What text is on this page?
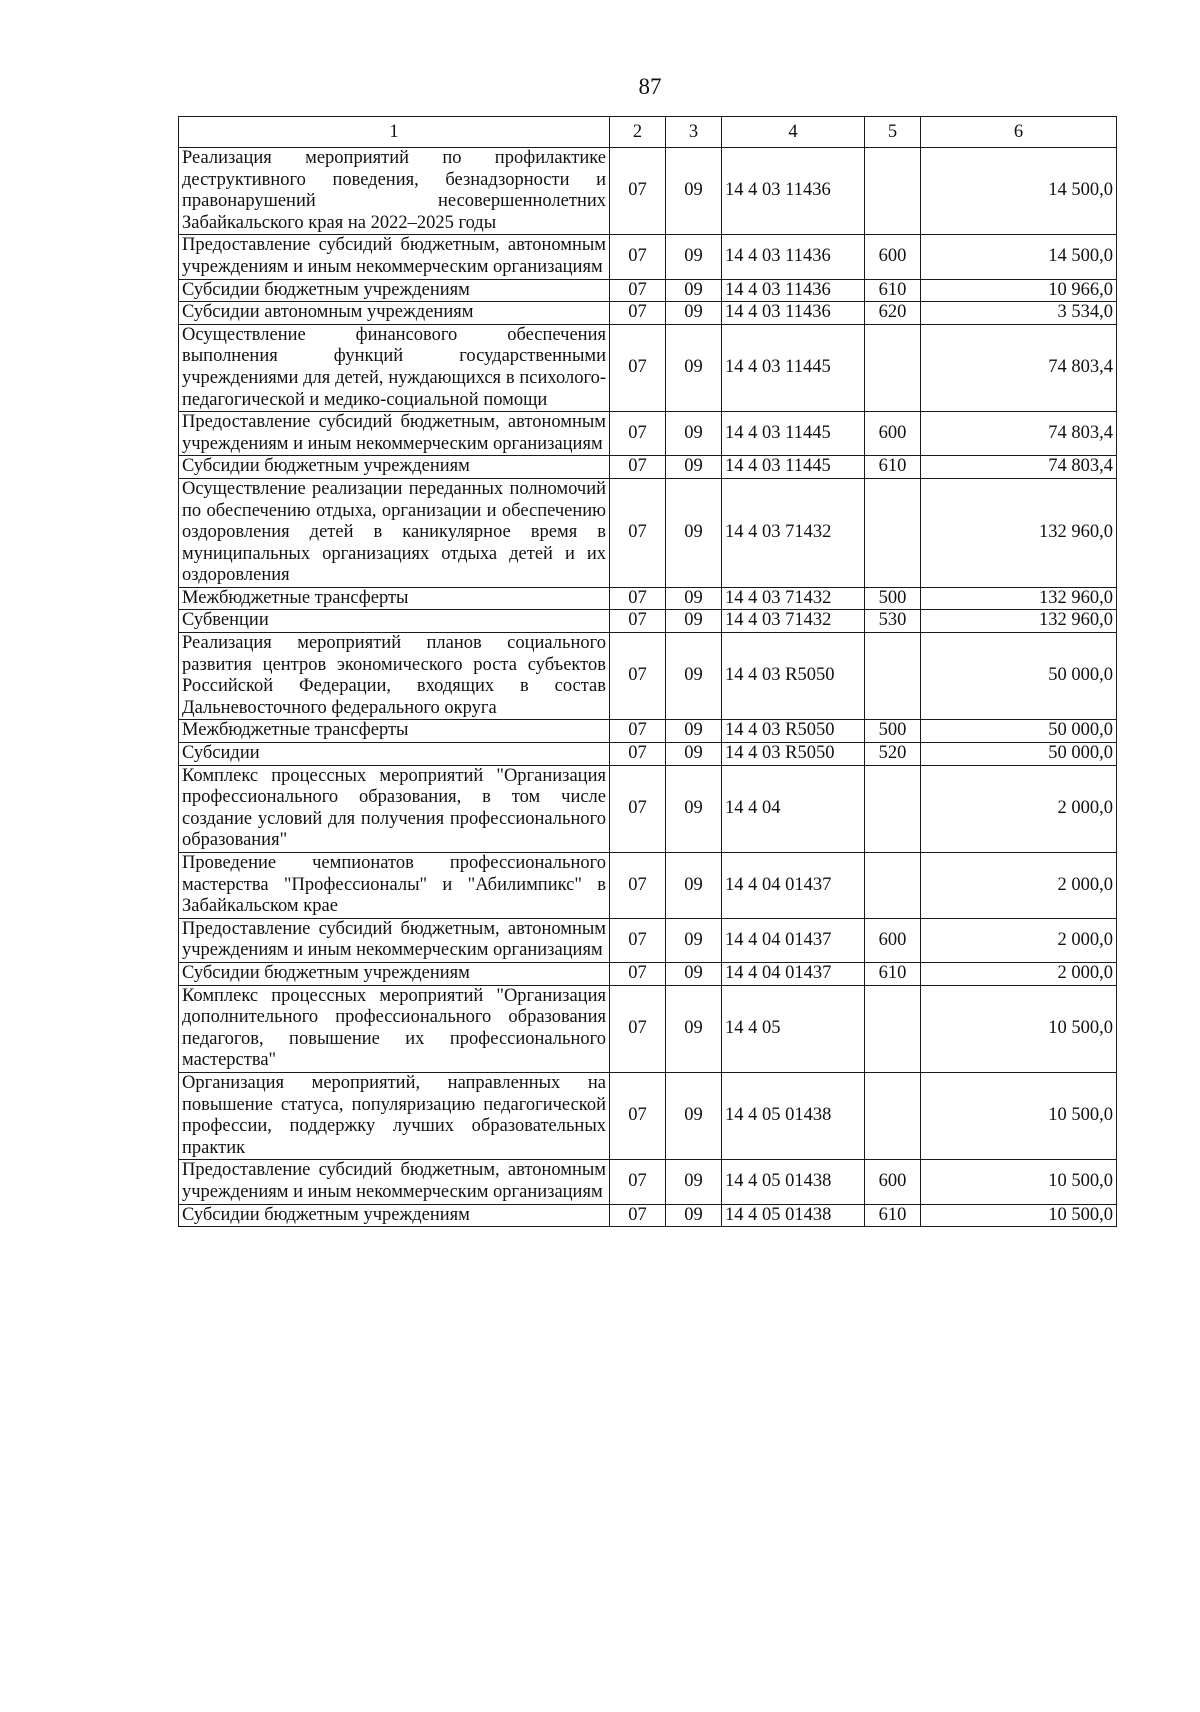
87
1	2	3	4	5	6
Реализация мероприятий по профилактике деструктивного поведения, безнадзорности и правонарушений несовершеннолетних Забайкальского края на 2022–2025 годы	07	09	14 4 03 11436		14 500,0
Предоставление субсидий бюджетным, автономным учреждениям и иным некоммерческим организациям	07	09	14 4 03 11436	600	14 500,0
Субсидии бюджетным учреждениям	07	09	14 4 03 11436	610	10 966,0
Субсидии автономным учреждениям	07	09	14 4 03 11436	620	3 534,0
Осуществление финансового обеспечения выполнения функций государственными учреждениями для детей, нуждающихся в психолого-педагогической и медико-социальной помощи	07	09	14 4 03 11445		74 803,4
Предоставление субсидий бюджетным, автономным учреждениям и иным некоммерческим организациям	07	09	14 4 03 11445	600	74 803,4
Субсидии бюджетным учреждениям	07	09	14 4 03 11445	610	74 803,4
Осуществление реализации переданных полномочий по обеспечению отдыха, организации и обеспечению оздоровления детей в каникулярное время в муниципальных организациях отдыха детей и их оздоровления	07	09	14 4 03 71432		132 960,0
Межбюджетные трансферты	07	09	14 4 03 71432	500	132 960,0
Субвенции	07	09	14 4 03 71432	530	132 960,0
Реализация мероприятий планов социального развития центров экономического роста субъектов Российской Федерации, входящих в состав Дальневосточного федерального округа	07	09	14 4 03 R5050		50 000,0
Межбюджетные трансферты	07	09	14 4 03 R5050	500	50 000,0
Субсидии	07	09	14 4 03 R5050	520	50 000,0
Комплекс процессных мероприятий "Организация профессионального образования, в том числе создание условий для получения профессионального образования"	07	09	14 4 04		2 000,0
Проведение чемпионатов профессионального мастерства "Профессионалы" и "Абилимпикс" в Забайкальском крае	07	09	14 4 04 01437		2 000,0
Предоставление субсидий бюджетным, автономным учреждениям и иным некоммерческим организациям	07	09	14 4 04 01437	600	2 000,0
Субсидии бюджетным учреждениям	07	09	14 4 04 01437	610	2 000,0
Комплекс процессных мероприятий "Организация дополнительного профессионального образования педагогов, повышение их профессионального мастерства"	07	09	14 4 05		10 500,0
Организация мероприятий, направленных на повышение статуса, популяризацию педагогической профессии, поддержку лучших образовательных практик	07	09	14 4 05 01438		10 500,0
Предоставление субсидий бюджетным, автономным учреждениям и иным некоммерческим организациям	07	09	14 4 05 01438	600	10 500,0
Субсидии бюджетным учреждениям	07	09	14 4 05 01438	610	10 500,0
